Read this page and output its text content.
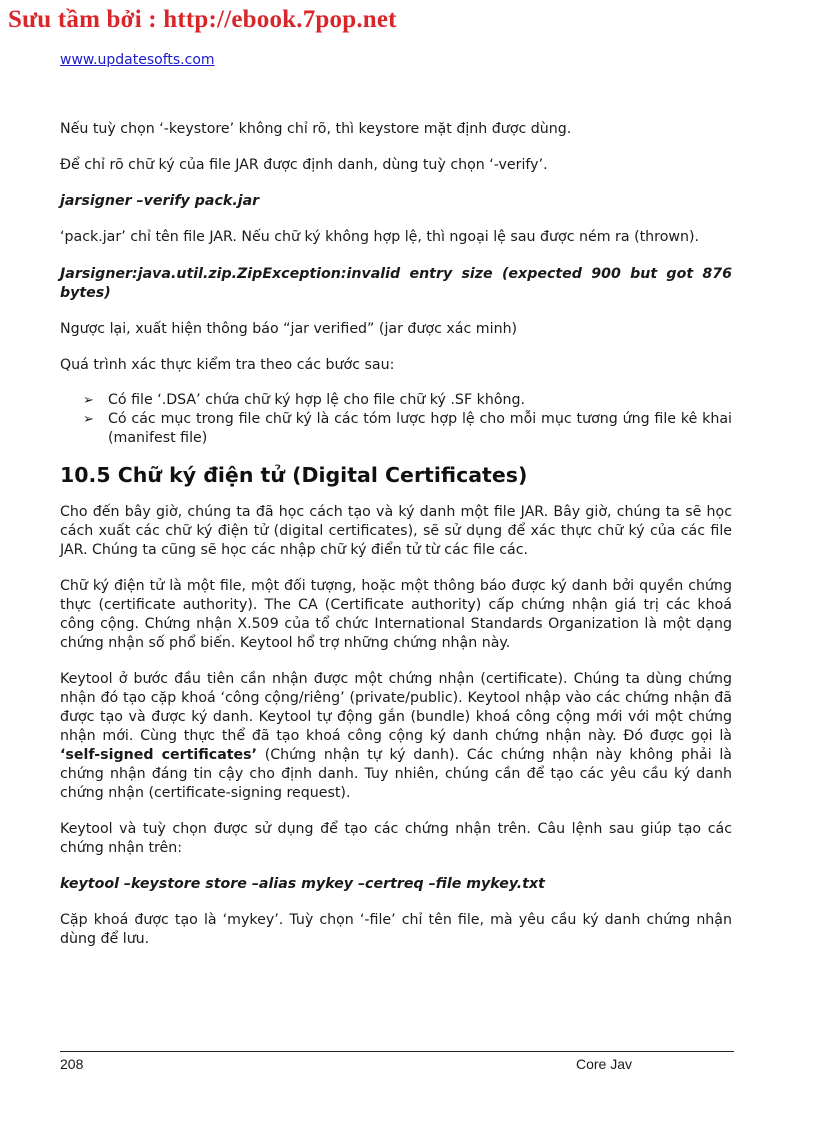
Sưu tầm bởi : http://ebook.7pop.net
www.updatesofts.com

Nếu tuỳ chọn ‘-keystore’ không chỉ rõ, thì keystore mặt định được dùng.

Để chỉ rõ chữ ký của file JAR được định danh, dùng tuỳ chọn ‘-verify’.

jarsigner –verify pack.jar

‘pack.jar’ chỉ tên file JAR. Nếu chữ ký không hợp lệ, thì ngoại lệ sau được ném ra (thrown).

Jarsigner:java.util.zip.ZipException:invalid entry size (expected 900 but got 876 bytes)

Ngược lại, xuất hiện thông báo “jar verified” (jar được xác minh)

Quá trình xác thực kiểm tra theo các bước sau:

➢ Có file ‘.DSA’ chứa chữ ký hợp lệ cho file chữ ký .SF không.
➢ Có các mục trong file chữ ký là các tóm lược hợp lệ cho mỗi mục tương ứng file kê khai (manifest file)
10.5 Chữ ký điện tử (Digital Certificates)

Cho đến bây giờ, chúng ta đã học cách tạo và ký danh một file JAR. Bây giờ, chúng ta sẽ học cách xuất các chữ ký điện tử (digital certificates), sẽ sử dụng để xác thực chữ ký của các file JAR. Chúng ta cũng sẽ học các nhập chữ ký điển tử từ các file các.

Chữ ký điện tử là một file, một đối tượng, hoặc một thông báo được ký danh bởi quyền chứng thực (certificate authority). The CA (Certificate authority) cấp chứng nhận giá trị các khoá công cộng. Chứng nhận X.509 của tổ chức International Standards Organization là một dạng chứng nhận số phổ biến. Keytool hổ trợ những chứng nhận này.

Keytool ở bước đầu tiên cần nhận được một chứng nhận (certificate). Chúng ta dùng chứng nhận đó tạo cặp khoá ‘công cộng/riêng’ (private/public). Keytool nhập vào các chứng nhận đã được tạo và được ký danh. Keytool tự động gắn (bundle) khoá công cộng mới với một chứng nhận mới. Cùng thực thể đã tạo khoá công cộng ký danh chứng nhận này. Đó được gọi là ‘self-signed certificates’ (Chứng nhận tự ký danh). Các chứng nhận này không phải là chứng nhận đáng tin cậy cho định danh. Tuy nhiên, chúng cần để tạo các yêu cầu ký danh chứng nhận (certificate-signing request).

Keytool và tuỳ chọn được sử dụng để tạo các chứng nhận trên. Câu lệnh sau giúp tạo các chứng nhận trên:

keytool –keystore store –alias mykey –certreq –file mykey.txt

Cặp khoá được tạo là ‘mykey’. Tuỳ chọn ‘-file’ chỉ tên file, mà yêu cầu ký danh chứng nhận dùng để lưu.

208	Core Jav
